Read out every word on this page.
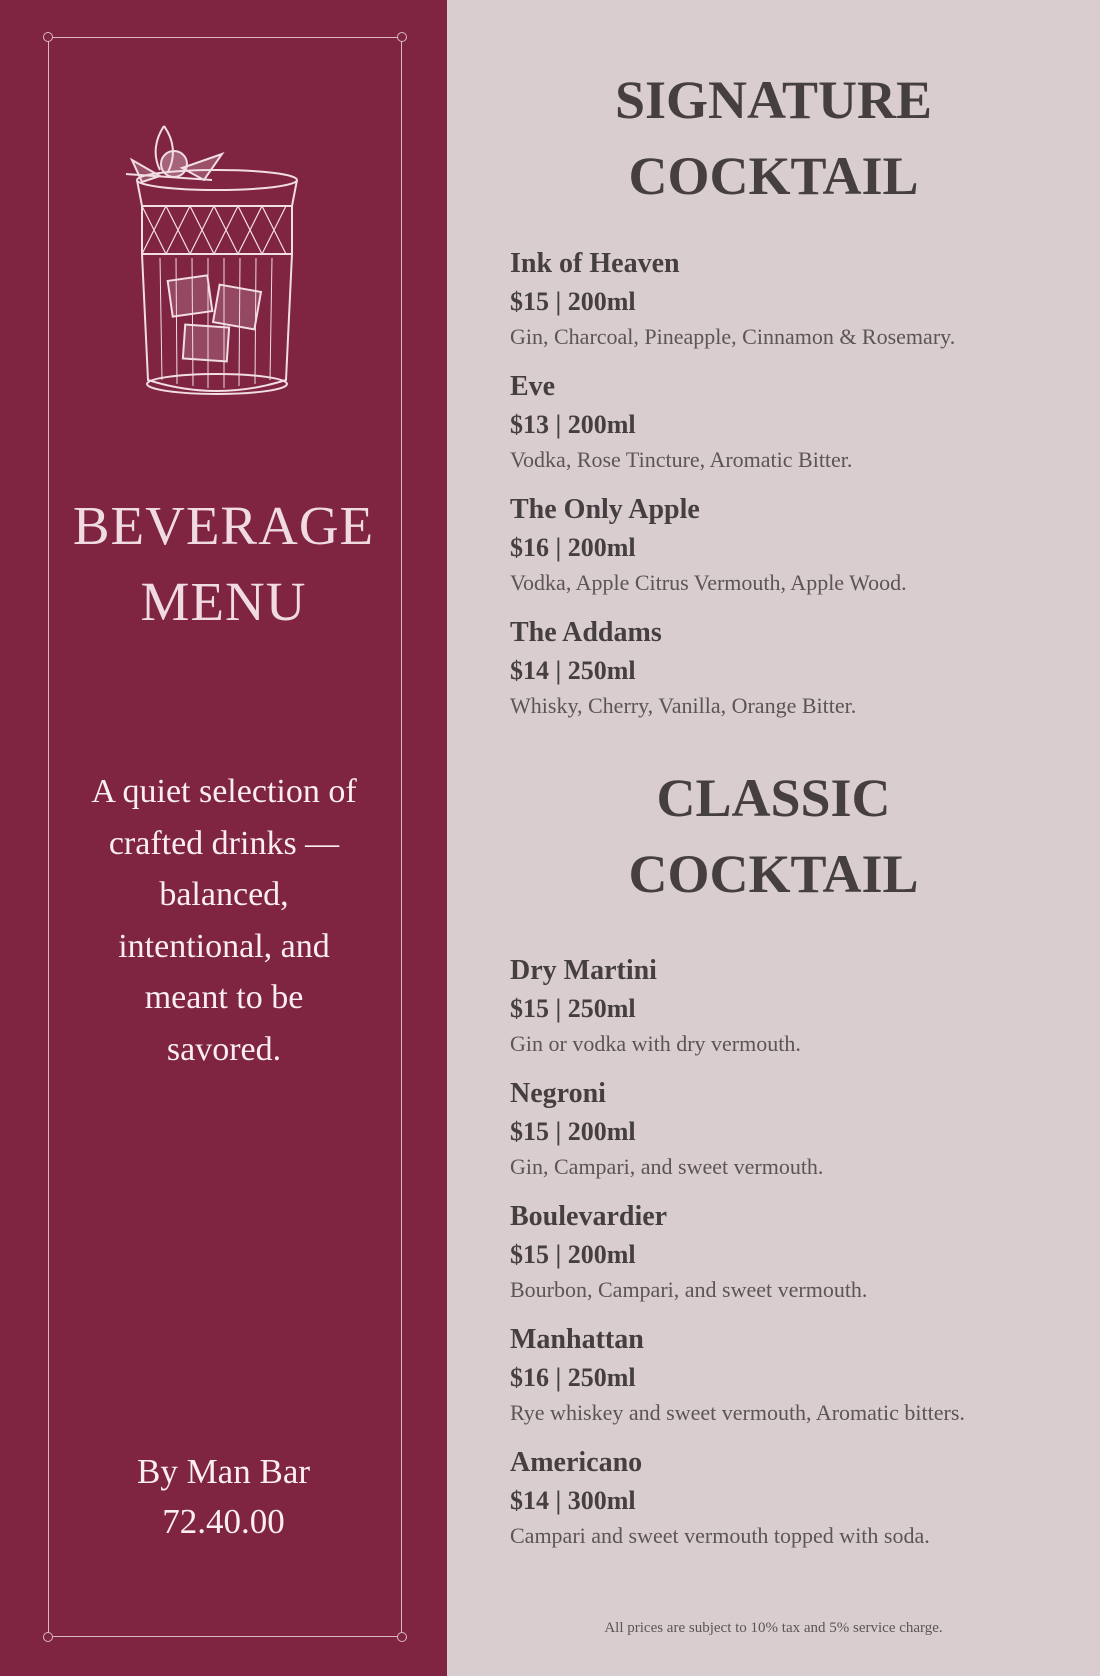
BEVERAGE
MENU
A quiet selection of
crafted drinks —
balanced,
intentional, and
meant to be
savored.
By Man Bar
72.40.00
SIGNATURE
COCKTAIL
Ink of Heaven
$15 | 200ml
Gin, Charcoal, Pineapple, Cinnamon & Rosemary.
Eve
$13 | 200ml
Vodka, Rose Tincture, Aromatic Bitter.
The Only Apple
$16 | 200ml
Vodka, Apple Citrus Vermouth, Apple Wood.
The Addams
$14 | 250ml
Whisky, Cherry, Vanilla, Orange Bitter.
CLASSIC
COCKTAIL
Dry Martini
$15 | 250ml
Gin or vodka with dry vermouth.
Negroni
$15 | 200ml
Gin, Campari, and sweet vermouth.
Boulevardier
$15 | 200ml
Bourbon, Campari, and sweet vermouth.
Manhattan
$16 | 250ml
Rye whiskey and sweet vermouth, Aromatic bitters.
Americano
$14 | 300ml
Campari and sweet vermouth topped with soda.
All prices are subject to 10% tax and 5% service charge.
